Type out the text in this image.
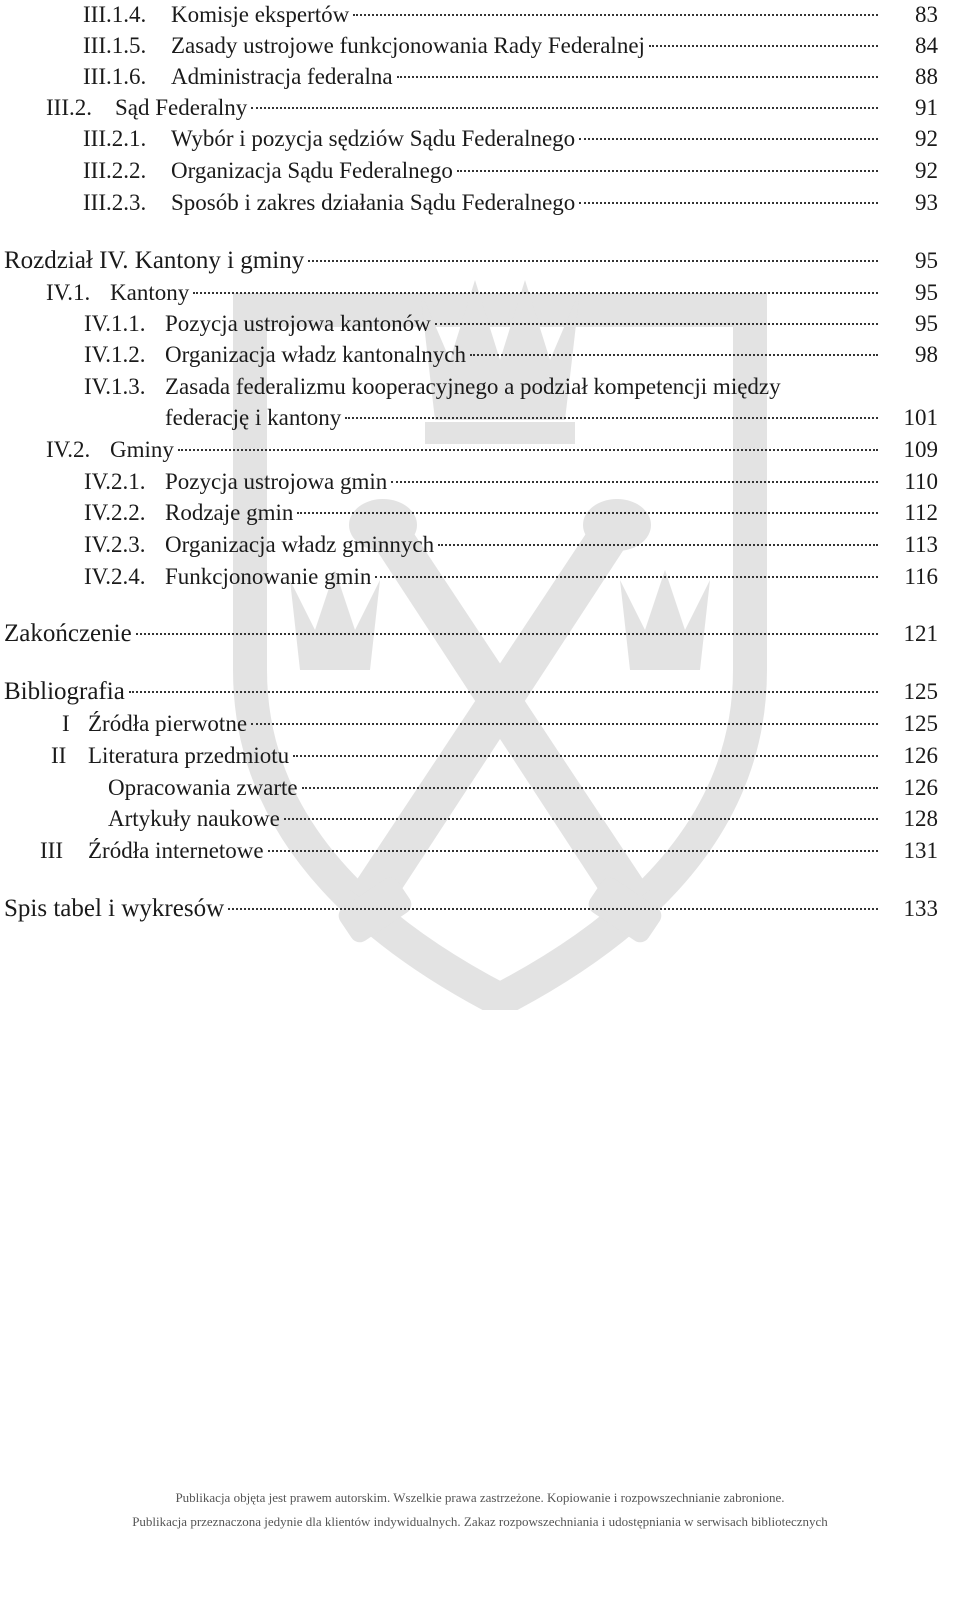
III.1.4. Komisje ekspertów	83
III.1.5. Zasady ustrojowe funkcjonowania Rady Federalnej	84
III.1.6. Administracja federalna	88
III.2. Sąd Federalny	91
III.2.1. Wybór i pozycja sędziów Sądu Federalnego	92
III.2.2. Organizacja Sądu Federalnego	92
III.2.3. Sposób i zakres działania Sądu Federalnego	93
Rozdział IV. Kantony i gminy	95
IV.1. Kantony	95
IV.1.1. Pozycja ustrojowa kantonów	95
IV.1.2. Organizacja władz kantonalnych	98
IV.1.3. Zasada federalizmu kooperacyjnego a podział kompetencji między
federację i kantony	101
IV.2. Gminy	109
IV.2.1. Pozycja ustrojowa gmin	110
IV.2.2. Rodzaje gmin	112
IV.2.3. Organizacja władz gminnych	113
IV.2.4. Funkcjonowanie gmin	116
Zakończenie	121
Bibliografia	125
I Źródła pierwotne	125
II Literatura przedmiotu	126
Opracowania zwarte	126
Artykuły naukowe	128
III Źródła internetowe	131
Spis tabel i wykresów	133
Publikacja objęta jest prawem autorskim. Wszelkie prawa zastrzeżone. Kopiowanie i rozpowszechnianie zabronione.
Publikacja przeznaczona jedynie dla klientów indywidualnych. Zakaz rozpowszechniania i udostępniania w serwisach bibliotecznych
